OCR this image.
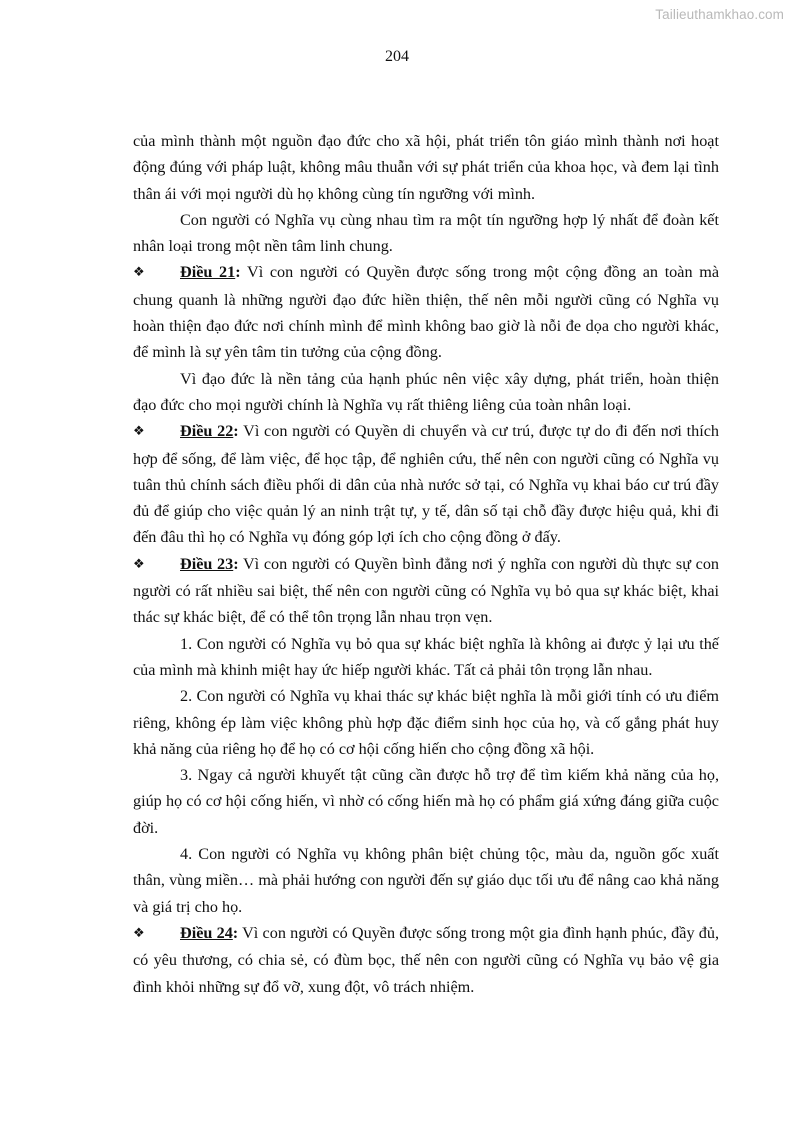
Tailieuthamkhao.com
204

của mình thành một nguồn đạo đức cho xã hội, phát triển tôn giáo mình thành nơi hoạt động đúng với pháp luật, không mâu thuẫn với sự phát triển của khoa học, và đem lại tình thân ái với mọi người dù họ không cùng tín ngưỡng với mình.

Con người có Nghĩa vụ cùng nhau tìm ra một tín ngưỡng hợp lý nhất để đoàn kết nhân loại trong một nền tâm linh chung.

❖ Điều 21: Vì con người có Quyền được sống trong một cộng đồng an toàn mà chung quanh là những người đạo đức hiền thiện, thế nên mỗi người cũng có Nghĩa vụ hoàn thiện đạo đức nơi chính mình để mình không bao giờ là nỗi đe dọa cho người khác, để mình là sự yên tâm tin tưởng của cộng đồng.

Vì đạo đức là nền tảng của hạnh phúc nên việc xây dựng, phát triển, hoàn thiện đạo đức cho mọi người chính là Nghĩa vụ rất thiêng liêng của toàn nhân loại.

❖ Điều 22: Vì con người có Quyền di chuyển và cư trú, được tự do đi đến nơi thích hợp để sống, để làm việc, để học tập, để nghiên cứu, thế nên con người cũng có Nghĩa vụ tuân thủ chính sách điều phối di dân của nhà nước sở tại, có Nghĩa vụ khai báo cư trú đầy đủ để giúp cho việc quản lý an ninh trật tự, y tế, dân số tại chỗ đầy được hiệu quả, khi đi đến đâu thì họ có Nghĩa vụ đóng góp lợi ích cho cộng đồng ở đấy.

❖ Điều 23: Vì con người có Quyền bình đẳng nơi ý nghĩa con người dù thực sự con người có rất nhiều sai biệt, thế nên con người cũng có Nghĩa vụ bỏ qua sự khác biệt, khai thác sự khác biệt, để có thể tôn trọng lẫn nhau trọn vẹn.

1. Con người có Nghĩa vụ bỏ qua sự khác biệt nghĩa là không ai được ỷ lại ưu thế của mình mà khinh miệt hay ức hiếp người khác. Tất cả phải tôn trọng lẫn nhau.

2. Con người có Nghĩa vụ khai thác sự khác biệt nghĩa là mỗi giới tính có ưu điểm riêng, không ép làm việc không phù hợp đặc điểm sinh học của họ, và cố gắng phát huy khả năng của riêng họ để họ có cơ hội cống hiến cho cộng đồng xã hội.

3. Ngay cả người khuyết tật cũng cần được hỗ trợ để tìm kiếm khả năng của họ, giúp họ có cơ hội cống hiến, vì nhờ có cống hiến mà họ có phẩm giá xứng đáng giữa cuộc đời.

4. Con người có Nghĩa vụ không phân biệt chủng tộc, màu da, nguồn gốc xuất thân, vùng miền… mà phải hướng con người đến sự giáo dục tối ưu để nâng cao khả năng và giá trị cho họ.

❖ Điều 24: Vì con người có Quyền được sống trong một gia đình hạnh phúc, đầy đủ, có yêu thương, có chia sẻ, có đùm bọc, thế nên con người cũng có Nghĩa vụ bảo vệ gia đình khỏi những sự đổ vỡ, xung đột, vô trách nhiệm.
